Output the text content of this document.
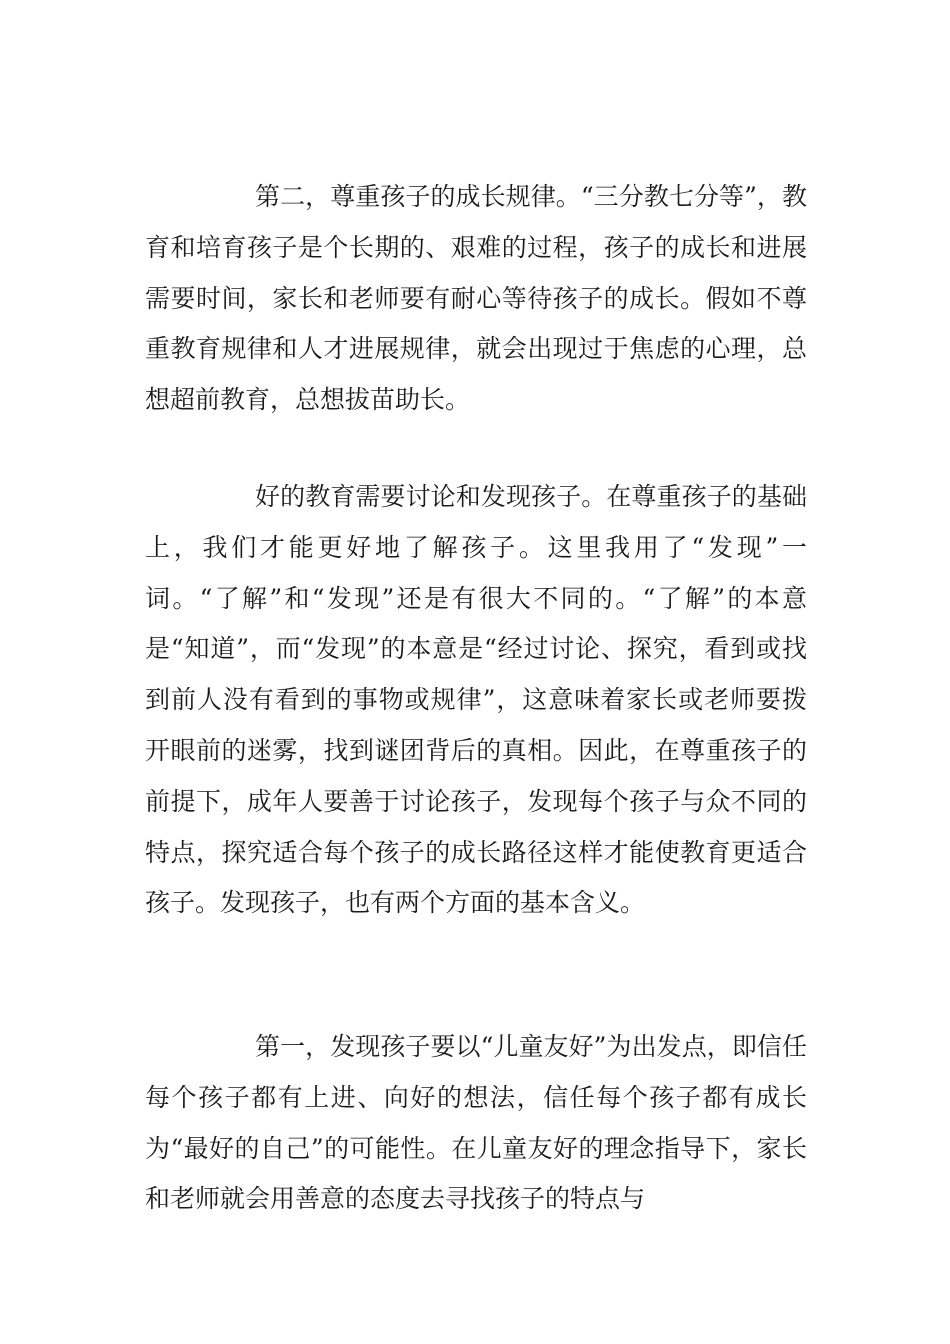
第二，尊重孩子的成长规律。“三分教七分等”，教育和培育孩子是个长期的、艰难的过程，孩子的成长和进展需要时间，家长和老师要有耐心等待孩子的成长。假如不尊重教育规律和人才进展规律，就会出现过于焦虑的心理，总想超前教育，总想拔苗助长。

好的教育需要讨论和发现孩子。在尊重孩子的基础上，我们才能更好地了解孩子。这里我用了“发现”一词。“了解”和“发现”还是有很大不同的。“了解”的本意是“知道”，而“发现”的本意是“经过讨论、探究，看到或找到前人没有看到的事物或规律”，这意味着家长或老师要拨开眼前的迷雾，找到谜团背后的真相。因此，在尊重孩子的前提下，成年人要善于讨论孩子，发现每个孩子与众不同的特点，探究适合每个孩子的成长路径这样才能使教育更适合孩子。发现孩子，也有两个方面的基本含义。

第一，发现孩子要以“儿童友好”为出发点，即信任每个孩子都有上进、向好的想法，信任每个孩子都有成长为“最好的自己”的可能性。在儿童友好的理念指导下，家长和老师就会用善意的态度去寻找孩子的特点与
